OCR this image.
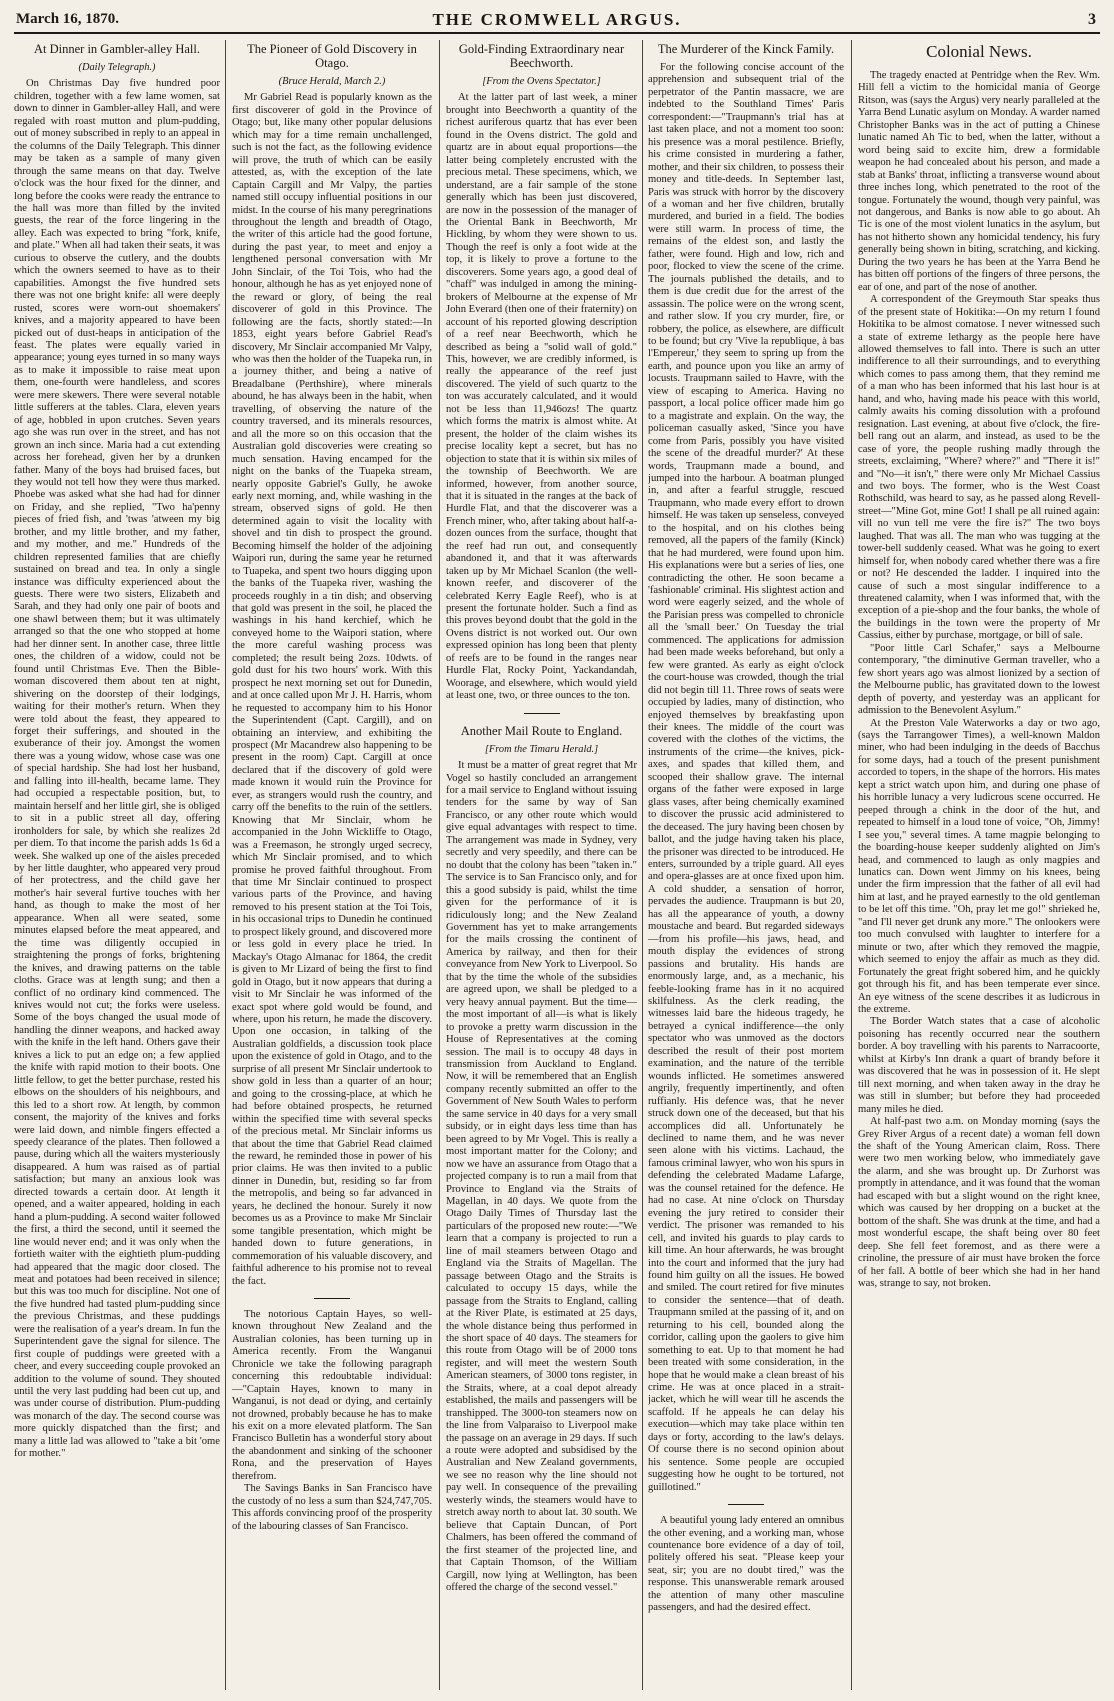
March 16, 1870.	THE CROMWELL ARGUS.	3
At Dinner in Gambler-alley Hall.
(Daily Telegraph.)

On Christmas Day five hundred poor children, together with a few lame women, sat down to dinner in Gambler-alley Hall, and were regaled with roast mutton and plum-pudding, out of money subscribed in reply to an appeal in the columns of the Daily Telegraph. This dinner may be taken as a sample of many given through the same means on that day. Twelve o'clock was the hour fixed for the dinner, and long before the cooks were ready the entrance to the hall was more than filled by the invited guests, the rear of the force lingering in the alley. Each was expected to bring "fork, knife, and plate." When all had taken their seats, it was curious to observe the cutlery, and the doubts which the owners seemed to have as to their capabilities. Amongst the five hundred sets there was not one bright knife: all were deeply rusted, scores were worn-out shoemakers' knives, and a majority appeared to have been picked out of dust-heaps in anticipation of the feast. The plates were equally varied in appearance; young eyes turned in so many ways as to make it impossible to raise meat upon them, one-fourth were handleless, and scores were mere skewers. There were several notable little sufferers at the tables. Clara, eleven years of age, hobbled in upon crutches. Seven years ago she was run over in the street, and has not grown an inch since. Maria had a cut extending across her forehead, given her by a drunken father. Many of the boys had bruised faces, but they would not tell how they were thus marked. Phoebe was asked what she had had for dinner on Friday, and she replied, "Two ha'penny pieces of fried fish, and 'twas 'atween my big brother, and my little brother, and my father, and my mother, and me." Hundreds of the children represented families that are chiefly sustained on bread and tea. In only a single instance was difficulty experienced about the guests. There were two sisters, Elizabeth and Sarah, and they had only one pair of boots and one shawl between them; but it was ultimately arranged so that the one who stopped at home had her dinner sent. In another case, three little ones, the children of a widow, could not be found until Christmas Eve. Then the Bible-woman discovered them about ten at night, shivering on the doorstep of their lodgings, waiting for their mother's return. When they were told about the feast, they appeared to forget their sufferings, and shouted in the exuberance of their joy. Amongst the women there was a young widow, whose case was one of special hardship. She had lost her husband, and falling into ill-health, became lame. They had occupied a respectable position, but, to maintain herself and her little girl, she is obliged to sit in a public street all day, offering ironholders for sale, by which she realizes 2d per diem. To that income the parish adds 1s 6d a week. She walked up one of the aisles preceded by her little daughter, who appeared very proud of her protectress, and the child gave her mother's hair several furtive touches with her hand, as though to make the most of her appearance. When all were seated, some minutes elapsed before the meat appeared, and the time was diligently occupied in straightening the prongs of forks, brightening the knives, and drawing patterns on the table cloths. Grace was at length sung; and then a conflict of no ordinary kind commenced. The knives would not cut; the forks were useless. Some of the boys changed the usual mode of handling the dinner weapons, and hacked away with the knife in the left hand. Others gave their knives a lick to put an edge on; a few applied the knife with rapid motion to their boots. One little fellow, to get the better purchase, rested his elbows on the shoulders of his neighbours, and this led to a short row. At length, by common consent, the majority of the knives and forks were laid down, and nimble fingers effected a speedy clearance of the plates. Then followed a pause, during which all the waiters mysteriously disappeared. A hum was raised as of partial satisfaction; but many an anxious look was directed towards a certain door. At length it opened, and a waiter appeared, holding in each hand a plum-pudding. A second waiter followed the first, a third the second, until it seemed the line would never end; and it was only when the fortieth waiter with the eightieth plum-pudding had appeared that the magic door closed. The meat and potatoes had been received in silence; but this was too much for discipline. Not one of the five hundred had tasted plum-pudding since the previous Christmas, and these puddings were the realisation of a year's dream. In fun the Superintendent gave the signal for silence. The first couple of puddings were greeted with a cheer, and every succeeding couple provoked an addition to the volume of sound. They shouted until the very last pudding had been cut up, and was under course of distribution. Plum-pudding was monarch of the day. The second course was more quickly dispatched than the first; and many a little lad was allowed to "take a bit 'ome for mother."

The Pioneer of Gold Discovery in Otago.
(Bruce Herald, March 2.)

Mr Gabriel Read is popularly known as the first discoverer of gold in the Province of Otago; but, like many other popular delusions which may for a time remain unchallenged, such is not the fact, as the following evidence will prove, the truth of which can be easily attested, as, with the exception of the late Captain Cargill and Mr Valpy, the parties named still occupy influential positions in our midst. In the course of his many peregrinations throughout the length and breadth of Otago, the writer of this article had the good fortune, during the past year, to meet and enjoy a lengthened personal conversation with Mr John Sinclair, of the Toi Tois, who had the honour, although he has as yet enjoyed none of the reward or glory, of being the real discoverer of gold in this Province. The following are the facts, shortly stated:—In 1853, eight years before Gabriel Read's discovery, Mr Sinclair accompanied Mr Valpy, who was then the holder of the Tuapeka run, in a journey thither, and being a native of Breadalbane (Perthshire), where minerals abound, he has always been in the habit, when travelling, of observing the nature of the country traversed, and its minerals resources, and all the more so on this occasion that the Australian gold discoveries were creating so much sensation. Having encamped for the night on the banks of the Tuapeka stream, nearly opposite Gabriel's Gully, he awoke early next morning, and, while washing in the stream, observed signs of gold. He then determined again to visit the locality with shovel and tin dish to prospect the ground. Becoming himself the holder of the adjoining Waipori run, during the same year he returned to Tuapeka, and spent two hours digging upon the banks of the Tuapeka river, washing the proceeds roughly in a tin dish; and observing that gold was present in the soil, he placed the washings in his hand kerchief, which he conveyed home to the Waipori station, where the more careful washing process was completed; the result being 2ozs. 10dwts. of gold dust for his two hours' work. With this prospect he next morning set out for Dunedin, and at once called upon Mr J. H. Harris, whom he requested to accompany him to his Honor the Superintendent (Capt. Cargill), and on obtaining an interview, and exhibiting the prospect (Mr Macandrew also happening to be present in the room) Capt. Cargill at once declared that if the discovery of gold were made known it would ruin the Province for ever, as strangers would rush the country, and carry off the benefits to the ruin of the settlers. Knowing that Mr Sinclair, whom he accompanied in the John Wickliffe to Otago, was a Freemason, he strongly urged secrecy, which Mr Sinclair promised, and to which promise he proved faithful throughout. From that time Mr Sinclair continued to prospect various parts of the Province, and having removed to his present station at the Toi Tois, in his occasional trips to Dunedin he continued to prospect likely ground, and discovered more or less gold in every place he tried. In Mackay's Otago Almanac for 1864, the credit is given to Mr Lizard of being the first to find gold in Otago, but it now appears that during a visit to Mr Sinclair he was informed of the exact spot where gold would be found, and where, upon his return, he made the discovery. Upon one occasion, in talking of the Australian goldfields, a discussion took place upon the existence of gold in Otago, and to the surprise of all present Mr Sinclair undertook to show gold in less than a quarter of an hour; and going to the crossing-place, at which he had before obtained prospects, he returned within the specified time with several specks of the precious metal. Mr Sinclair informs us that about the time that Gabriel Read claimed the reward, he reminded those in power of his prior claims. He was then invited to a public dinner in Dunedin, but, residing so far from the metropolis, and being so far advanced in years, he declined the honour. Surely it now becomes us as a Province to make Mr Sinclair some tangible presentation, which might be handed down to future generations, in commemoration of his valuable discovery, and faithful adherence to his promise not to reveal the fact.

The notorious Captain Hayes, so well-known throughout New Zealand and the Australian colonies, has been turning up in America recently. From the Wanganui Chronicle we take the following paragraph concerning this redoubtable individual:—"Captain Hayes, known to many in Wanganui, is not dead or dying, and certainly not drowned, probably because he has to make his exit on a more elevated platform. The San Francisco Bulletin has a wonderful story about the abandonment and sinking of the schooner Rona, and the preservation of Hayes therefrom.

The Savings Banks in San Francisco have the custody of no less a sum than $24,747,705. This affords convincing proof of the prosperity of the labouring classes of San Francisco.

Gold-Finding Extraordinary near Beechworth.
[From the Ovens Spectator.]

At the latter part of last week, a miner brought into Beechworth a quantity of the richest auriferous quartz that has ever been found in the Ovens district. The gold and quartz are in about equal proportions—the latter being completely encrusted with the precious metal. These specimens, which, we understand, are a fair sample of the stone generally which has been just discovered, are now in the possession of the manager of the Oriental Bank in Beechworth, Mr Hickling, by whom they were shown to us. Though the reef is only a foot wide at the top, it is likely to prove a fortune to the discoverers. Some years ago, a good deal of "chaff" was indulged in among the mining-brokers of Melbourne at the expense of Mr John Everard (then one of their fraternity) on account of his reported glowing description of a reef near Beechworth, which he described as being a "solid wall of gold." This, however, we are credibly informed, is really the appearance of the reef just discovered. The yield of such quartz to the ton was accurately calculated, and it would not be less than 11,946ozs! The quartz which forms the matrix is almost white. At present, the holder of the claim wishes its precise locality kept a secret, but has no objection to state that it is within six miles of the township of Beechworth. We are informed, however, from another source, that it is situated in the ranges at the back of Hurdle Flat, and that the discoverer was a French miner, who, after taking about half-a-dozen ounces from the surface, thought that the reef had run out, and consequently abandoned it, and that it was afterwards taken up by Mr Michael Scanlon (the well-known reefer, and discoverer of the celebrated Kerry Eagle Reef), who is at present the fortunate holder. Such a find as this proves beyond doubt that the gold in the Ovens district is not worked out. Our own expressed opinion has long been that plenty of reefs are to be found in the ranges near Hurdle Flat, Rocky Point, Yackandandah, Woorage, and elsewhere, which would yield at least one, two, or three ounces to the ton.

Another Mail Route to England.
[From the Timaru Herald.]

It must be a matter of great regret that Mr Vogel so hastily concluded an arrangement for a mail service to England without issuing tenders for the same by way of San Francisco, or any other route which would give equal advantages with respect to time. The arrangement was made in Sydney, very secretly and very speedily, and there can be no doubt that the colony has been "taken in." The service is to San Francisco only, and for this a good subsidy is paid, whilst the time given for the performance of it is ridiculously long; and the New Zealand Government has yet to make arrangements for the mails crossing the continent of America by railway, and then for their conveyance from New York to Liverpool. So that by the time the whole of the subsidies are agreed upon, we shall be pledged to a very heavy annual payment. But the time—the most important of all—is what is likely to provoke a pretty warm discussion in the House of Representatives at the coming session. The mail is to occupy 48 days in transmission from Auckland to England. Now, it will be remembered that an English company recently submitted an offer to the Government of New South Wales to perform the same service in 40 days for a very small subsidy, or in eight days less time than has been agreed to by Mr Vogel. This is really a most important matter for the Colony; and now we have an assurance from Otago that a projected company is to run a mail from that Province to England via the Straits of Magellan, in 40 days. We quote from the Otago Daily Times of Thursday last the particulars of the proposed new route:—"We learn that a company is projected to run a line of mail steamers between Otago and England via the Straits of Magellan. The passage between Otago and the Straits is calculated to occupy 15 days, while the passage from the Straits to England, calling at the River Plate, is estimated at 25 days, the whole distance being thus performed in the short space of 40 days. The steamers for this route from Otago will be of 2000 tons register, and will meet the western South American steamers, of 3000 tons register, in the Straits, where, at a coal depot already established, the mails and passengers will be transhipped. The 3000-ton steamers now on the line from Valparaiso to Liverpool make the passage on an average in 29 days. If such a route were adopted and subsidised by the Australian and New Zealand governments, we see no reason why the line should not pay well. In consequence of the prevailing westerly winds, the steamers would have to stretch away north to about lat. 30 south. We believe that Captain Duncan, of Port Chalmers, has been offered the command of the first steamer of the projected line, and that Captain Thomson, of the William Cargill, now lying at Wellington, has been offered the charge of the second vessel."

The Murderer of the Kinck Family.

For the following concise account of the apprehension and subsequent trial of the perpetrator of the Pantin massacre, we are indebted to the Southland Times' Paris correspondent:—"Traupmann's trial has at last taken place, and not a moment too soon: his presence was a moral pestilence. Briefly, his crime consisted in murdering a father, mother, and their six children, to possess their money and title-deeds. In September last, Paris was struck with horror by the discovery of a woman and her five children, brutally murdered, and buried in a field. The bodies were still warm. In process of time, the remains of the eldest son, and lastly the father, were found. High and low, rich and poor, flocked to view the scene of the crime. The journals published the details, and to them is due credit due for the arrest of the assassin. The police were on the wrong scent, and rather slow. If you cry murder, fire, or robbery, the police, as elsewhere, are difficult to be found; but cry 'Vive la republique, à bas l'Empereur,' they seem to spring up from the earth, and pounce upon you like an army of locusts. Traupmann sailed to Havre, with the view of escaping to America. Having no passport, a local police officer made him go to a magistrate and explain. On the way, the policeman casually asked, 'Since you have come from Paris, possibly you have visited the scene of the dreadful murder?' At these words, Traupmann made a bound, and jumped into the harbour. A boatman plunged in, and after a fearful struggle, rescued Traupmann, who made every effort to drown himself. He was taken up senseless, conveyed to the hospital, and on his clothes being removed, all the papers of the family (Kinck) that he had murdered, were found upon him. His explanations were but a series of lies, one contradicting the other. He soon became a 'fashionable' criminal. His slightest action and word were eagerly seized, and the whole of the Parisian press was compelled to chronicle all the 'small beer.' On Tuesday the trial commenced. The applications for admission had been made weeks beforehand, but only a few were granted. As early as eight o'clock the court-house was crowded, though the trial did not begin till 11. Three rows of seats were occupied by ladies, many of distinction, who enjoyed themselves by breakfasting upon their knees. The middle of the court was covered with the clothes of the victims, the instruments of the crime—the knives, pick-axes, and spades that killed them, and scooped their shallow grave. The internal organs of the father were exposed in large glass vases, after being chemically examined to discover the prussic acid administered to the deceased. The jury having been chosen by ballot, and the judge having taken his place, the prisoner was directed to be introduced. He enters, surrounded by a triple guard. All eyes and opera-glasses are at once fixed upon him. A cold shudder, a sensation of horror, pervades the audience. Traupmann is but 20, has all the appearance of youth, a downy moustache and beard. But regarded sideways—from his profile—his jaws, head, and mouth display the evidences of strong passions and brutality. His hands are enormously large, and, as a mechanic, his feeble-looking frame has in it no acquired skilfulness. As the clerk reading, the witnesses laid bare the hideous tragedy, he betrayed a cynical indifference—the only spectator who was unmoved as the doctors described the result of their post mortem examination, and the nature of the terrible wounds inflicted. He sometimes answered angrily, frequently impertinently, and often ruffianly. His defence was, that he never struck down one of the deceased, but that his accomplices did all. Unfortunately he declined to name them, and he was never seen alone with his victims. Lachaud, the famous criminal lawyer, who won his spurs in defending the celebrated Madame Lafarge, was the counsel retained for the defence. He had no case. At nine o'clock on Thursday evening the jury retired to consider their verdict. The prisoner was remanded to his cell, and invited his guards to play cards to kill time. An hour afterwards, he was brought into the court and informed that the jury had found him guilty on all the issues. He bowed and smiled. The court retired for five minutes to consider the sentence—that of death. Traupmann smiled at the passing of it, and on returning to his cell, bounded along the corridor, calling upon the gaolers to give him something to eat. Up to that moment he had been treated with some consideration, in the hope that he would make a clean breast of his crime. He was at once placed in a strait-jacket, which he will wear till he ascends the scaffold. If he appeals he can delay his execution—which may take place within ten days or forty, according to the law's delays. Of course there is no second opinion about his sentence. Some people are occupied suggesting how he ought to be tortured, not guillotined."

A beautiful young lady entered an omnibus the other evening, and a working man, whose countenance bore evidence of a day of toil, politely offered his seat. "Please keep your seat, sir; you are no doubt tired," was the response. This unanswerable remark aroused the attention of many other masculine passengers, and had the desired effect.

Colonial News.

The tragedy enacted at Pentridge when the Rev. Wm. Hill fell a victim to the homicidal mania of George Ritson, was (says the Argus) very nearly paralleled at the Yarra Bend Lunatic asylum on Monday. A warder named Christopher Banks was in the act of putting a Chinese lunatic named Ah Tic to bed, when the latter, without a word being said to excite him, drew a formidable weapon he had concealed about his person, and made a stab at Banks' throat, inflicting a transverse wound about three inches long, which penetrated to the root of the tongue. Fortunately the wound, though very painful, was not dangerous, and Banks is now able to go about. Ah Tic is one of the most violent lunatics in the asylum, but has not hitherto shown any homicidal tendency, his fury generally being shown in biting, scratching, and kicking. During the two years he has been at the Yarra Bend he has bitten off portions of the fingers of three persons, the ear of one, and part of the nose of another.

A correspondent of the Greymouth Star speaks thus of the present state of Hokitika:—On my return I found Hokitika to be almost comatose. I never witnessed such a state of extreme lethargy as the people here have allowed themselves to fall into. There is such an utter indifference to all their surroundings, and to everything which comes to pass among them, that they remind me of a man who has been informed that his last hour is at hand, and who, having made his peace with this world, calmly awaits his coming dissolution with a profound resignation. Last evening, at about five o'clock, the fire-bell rang out an alarm, and instead, as used to be the case of yore, the people rushing madly through the streets, exclaiming, "Where? where?" and "There it is!" and "No—it isn't," there were only Mr Michael Cassius and two boys. The former, who is the West Coast Rothschild, was heard to say, as he passed along Revell-street—"Mine Got, mine Got! I shall pe all ruined again: vill no vun tell me vere the fire is?" The two boys laughed. That was all. The man who was tugging at the tower-bell suddenly ceased. What was he going to exert himself for, when nobody cared whether there was a fire or not? He descended the ladder. I inquired into the cause of such a most singular indifference to a threatened calamity, when I was informed that, with the exception of a pie-shop and the four banks, the whole of the buildings in the town were the property of Mr Cassius, either by purchase, mortgage, or bill of sale.

"Poor little Carl Schafer," says a Melbourne contemporary, "the diminutive German traveller, who a few short years ago was almost lionized by a section of the Melbourne public, has gravitated down to the lowest depth of poverty, and yesterday was an applicant for admission to the Benevolent Asylum."

At the Preston Vale Waterworks a day or two ago, (says the Tarrangower Times), a well-known Maldon miner, who had been indulging in the deeds of Bacchus for some days, had a touch of the present punishment accorded to topers, in the shape of the horrors. His mates kept a strict watch upon him, and during one phase of his horrible lunacy a very ludicrous scene occurred. He peeped through a chink in the door of the hut, and repeated to himself in a loud tone of voice, "Oh, Jimmy! I see you," several times. A tame magpie belonging to the boarding-house keeper suddenly alighted on Jim's head, and commenced to laugh as only magpies and lunatics can. Down went Jimmy on his knees, being under the firm impression that the father of all evil had him at last, and he prayed earnestly to the old gentleman to be let off this time. "Oh, pray let me go!" shrieked he, "and I'll never get drunk any more." The onlookers were too much convulsed with laughter to interfere for a minute or two, after which they removed the magpie, which seemed to enjoy the affair as much as they did. Fortunately the great fright sobered him, and he quickly got through his fit, and has been temperate ever since. An eye witness of the scene describes it as ludicrous in the extreme.

The Border Watch states that a case of alcoholic poisoning has recently occurred near the southern border. A boy travelling with his parents to Narracoorte, whilst at Kirby's Inn drank a quart of brandy before it was discovered that he was in possession of it. He slept till next morning, and when taken away in the dray he was still in slumber; but before they had proceeded many miles he died.

At half-past two a.m. on Monday morning (says the Grey River Argus of a recent date) a woman fell down the shaft of the Young American claim, Ross. There were two men working below, who immediately gave the alarm, and she was brought up. Dr Zurhorst was promptly in attendance, and it was found that the woman had escaped with but a slight wound on the right knee, which was caused by her dropping on a bucket at the bottom of the shaft. She was drunk at the time, and had a most wonderful escape, the shaft being over 80 feet deep. She fell feet foremost, and as there were a crinoline, the pressure of air must have broken the force of her fall. A bottle of beer which she had in her hand was, strange to say, not broken.
